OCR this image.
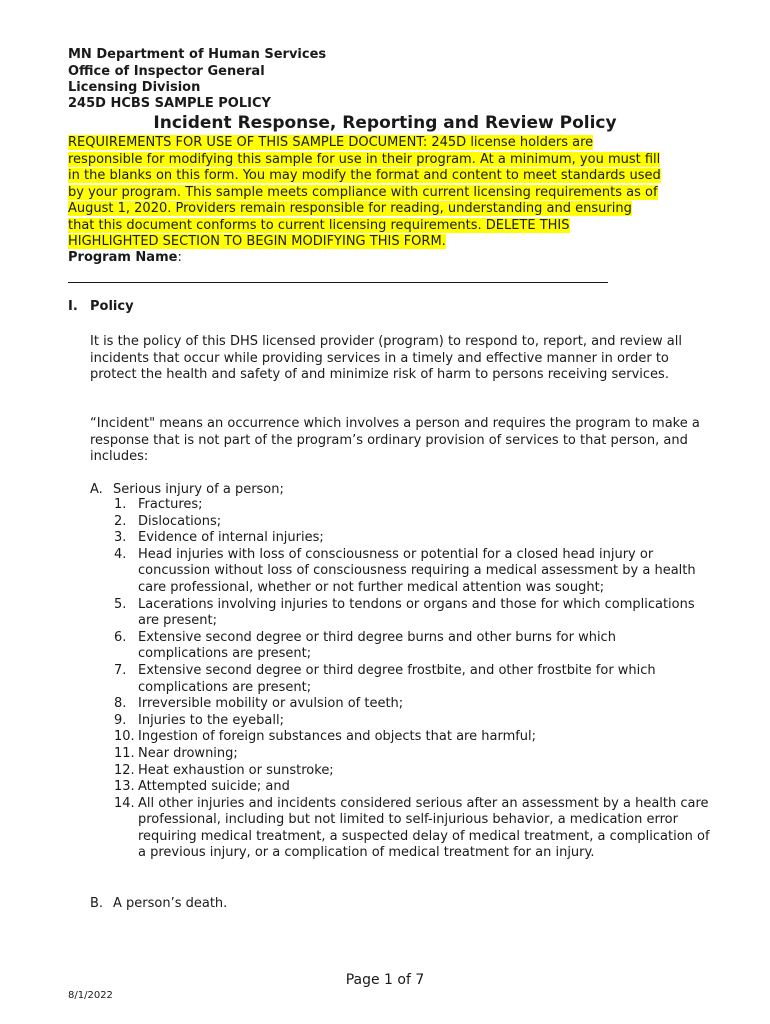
MN Department of Human Services
Office of Inspector General
Licensing Division
245D HCBS SAMPLE POLICY
Incident Response, Reporting and Review Policy
REQUIREMENTS FOR USE OF THIS SAMPLE DOCUMENT: 245D license holders are
responsible for modifying this sample for use in their program. At a minimum, you must fill
in the blanks on this form. You may modify the format and content to meet standards used
by your program. This sample meets compliance with current licensing requirements as of
August 1, 2020. Providers remain responsible for reading, understanding and ensuring
that this document conforms to current licensing requirements. DELETE THIS
HIGHLIGHTED SECTION TO BEGIN MODIFYING THIS FORM.
Program Name:
I. Policy
It is the policy of this DHS licensed provider (program) to respond to, report, and review all incidents that occur while providing services in a timely and effective manner in order to protect the health and safety of and minimize risk of harm to persons receiving services.
“Incident" means an occurrence which involves a person and requires the program to make a response that is not part of the program’s ordinary provision of services to that person, and includes:
A. Serious injury of a person;
1. Fractures;
2. Dislocations;
3. Evidence of internal injuries;
4. Head injuries with loss of consciousness or potential for a closed head injury or concussion without loss of consciousness requiring a medical assessment by a health care professional, whether or not further medical attention was sought;
5. Lacerations involving injuries to tendons or organs and those for which complications are present;
6. Extensive second degree or third degree burns and other burns for which complications are present;
7. Extensive second degree or third degree frostbite, and other frostbite for which complications are present;
8. Irreversible mobility or avulsion of teeth;
9. Injuries to the eyeball;
10. Ingestion of foreign substances and objects that are harmful;
11. Near drowning;
12. Heat exhaustion or sunstroke;
13. Attempted suicide; and
14. All other injuries and incidents considered serious after an assessment by a health care professional, including but not limited to self-injurious behavior, a medication error requiring medical treatment, a suspected delay of medical treatment, a complication of a previous injury, or a complication of medical treatment for an injury.
B. A person’s death.
Page 1 of 7
8/1/2022
